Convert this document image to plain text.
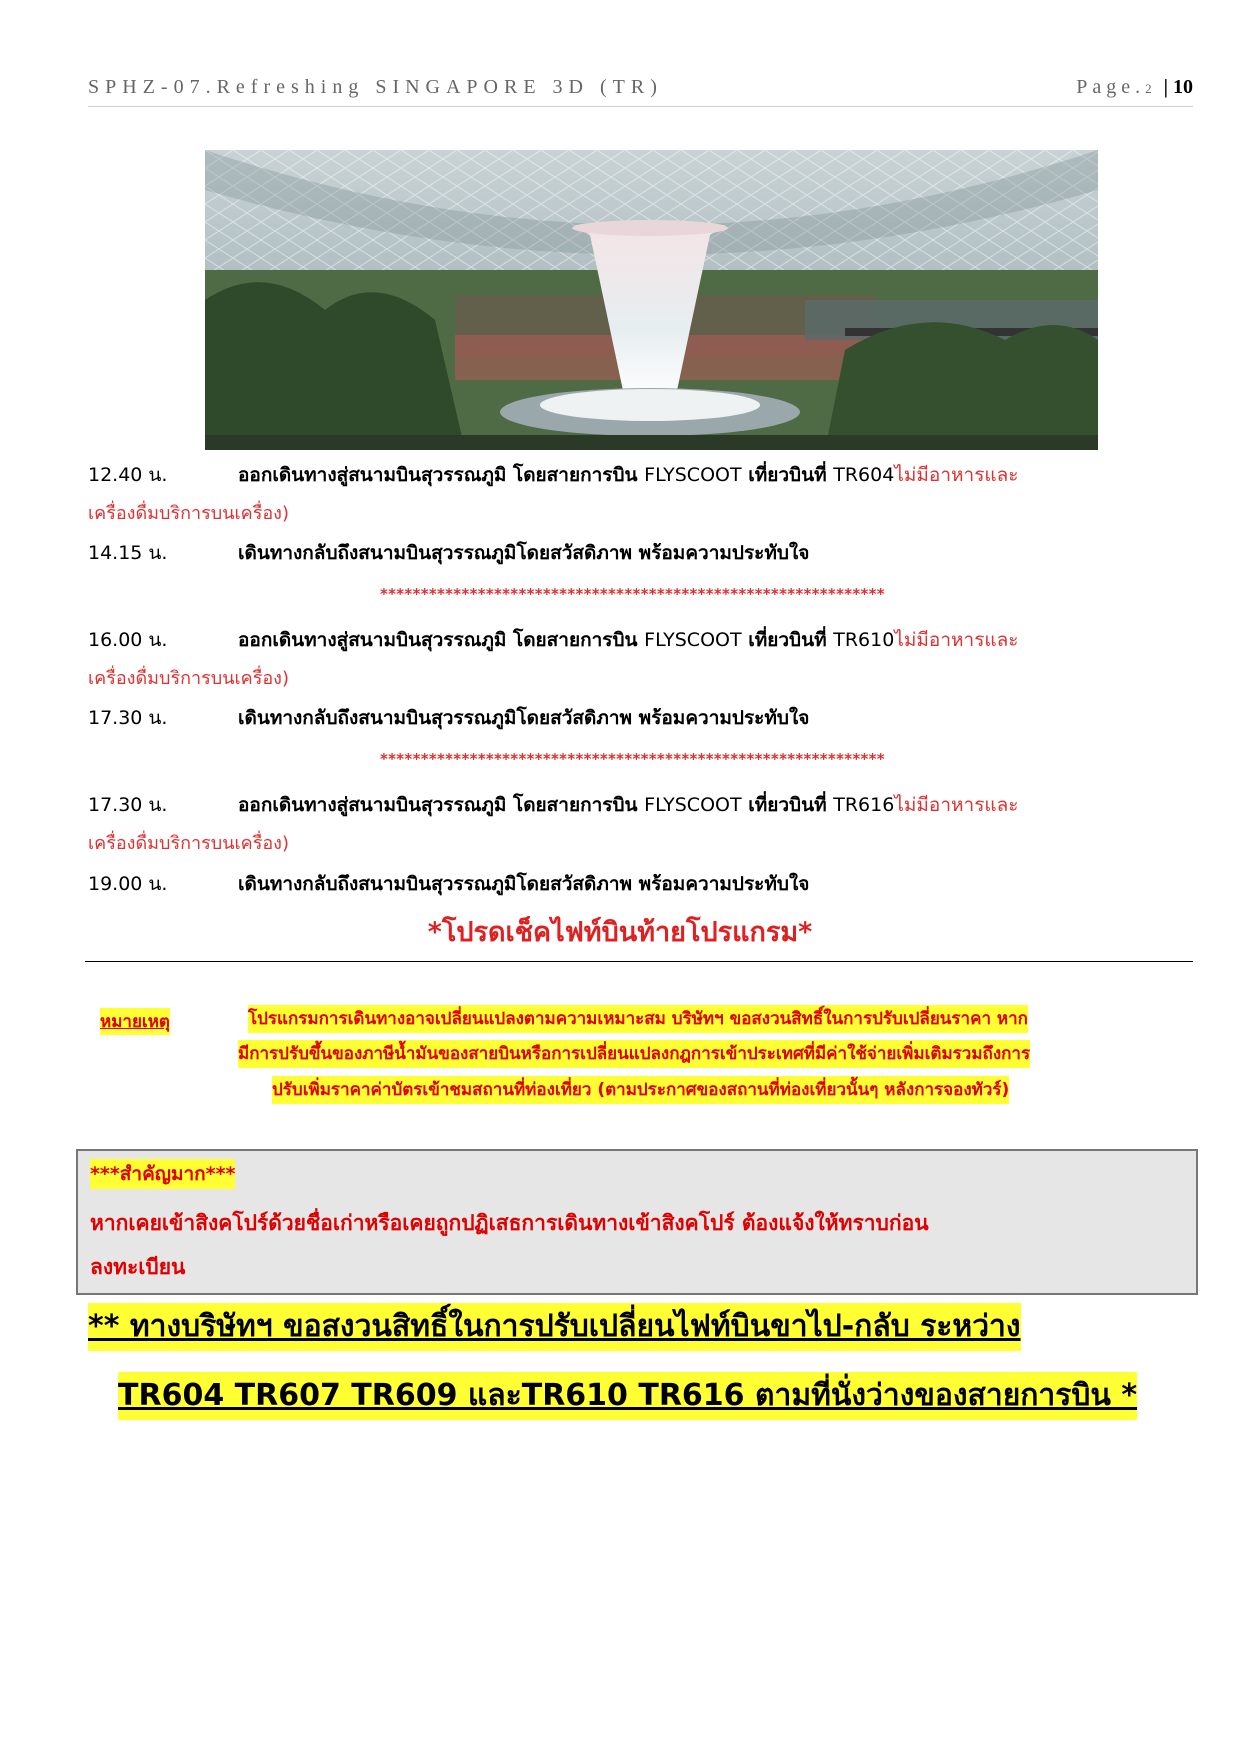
SPHZ-07.Refreshing SINGAPORE 3D (TR)	Page.2 | 10
12.40 น.	ออกเดินทางสู่สนามบินสุวรรณภูมิ โดยสายการบิน FLYSCOOT เที่ยวบินที่ TR604ไม่มีอาหารและ
เครื่องดื่มบริการบนเครื่อง)
14.15 น.	เดินทางกลับถึงสนามบินสุวรรณภูมิโดยสวัสดิภาพ พร้อมความประทับใจ
**************************************************************
16.00 น.	ออกเดินทางสู่สนามบินสุวรรณภูมิ โดยสายการบิน FLYSCOOT เที่ยวบินที่ TR610ไม่มีอาหารและ
เครื่องดื่มบริการบนเครื่อง)
17.30 น.	เดินทางกลับถึงสนามบินสุวรรณภูมิโดยสวัสดิภาพ พร้อมความประทับใจ
**************************************************************
17.30 น.	ออกเดินทางสู่สนามบินสุวรรณภูมิ โดยสายการบิน FLYSCOOT เที่ยวบินที่ TR616ไม่มีอาหารและ
เครื่องดื่มบริการบนเครื่อง)
19.00 น.	เดินทางกลับถึงสนามบินสุวรรณภูมิโดยสวัสดิภาพ พร้อมความประทับใจ
*โปรดเช็คไฟท์บินท้ายโปรแกรม*
หมายเหตุ	โปรแกรมการเดินทางอาจเปลี่ยนแปลงตามความเหมาะสม บริษัทฯ ขอสงวนสิทธิ์ในการปรับเปลี่ยนราคา หาก
มีการปรับขึ้นของภาษีน้ำมันของสายบินหรือการเปลี่ยนแปลงกฎการเข้าประเทศที่มีค่าใช้จ่ายเพิ่มเติมรวมถึงการ
ปรับเพิ่มราคาค่าบัตรเข้าชมสถานที่ท่องเที่ยว (ตามประกาศของสถานที่ท่องเที่ยวนั้นๆ หลังการจองทัวร์)
***สำคัญมาก***
หากเคยเข้าสิงคโปร์ด้วยชื่อเก่าหรือเคยถูกปฏิเสธการเดินทางเข้าสิงคโปร์ ต้องแจ้งให้ทราบก่อน
ลงทะเบียน
** ทางบริษัทฯ ขอสงวนสิทธิ์ในการปรับเปลี่ยนไฟท์บินขาไป-กลับ ระหว่าง
TR604 TR607 TR609 และTR610 TR616 ตามที่นั่งว่างของสายการบิน *
